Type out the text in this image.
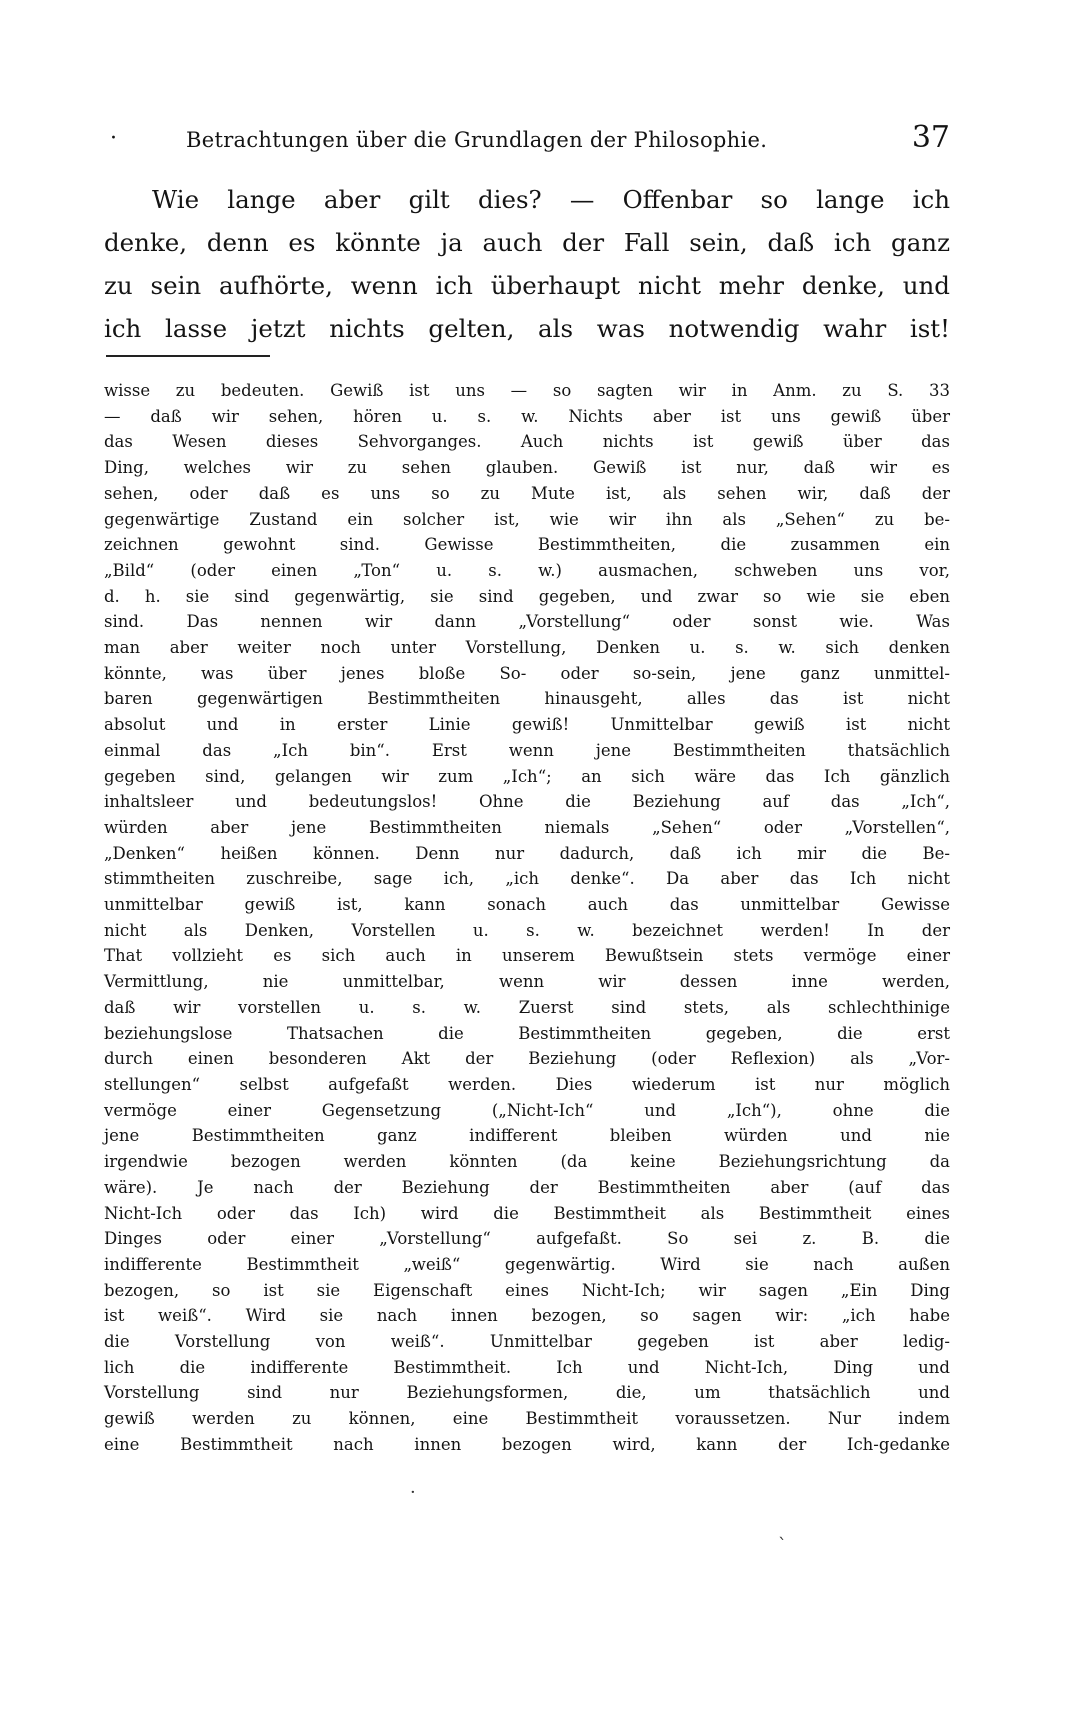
·	Betrachtungen über die Grundlagen der Philosophie.	37
Wie lange aber gilt dies? — Offenbar so lange ich
denke, denn es könnte ja auch der Fall sein, daß ich ganz
zu sein aufhörte, wenn ich überhaupt nicht mehr denke, und
ich lasse jetzt nichts gelten, als was notwendig wahr ist!
wisse zu bedeuten. Gewiß ist uns — so sagten wir in Anm. zu S. 33
— daß wir sehen, hören u. s. w. Nichts aber ist uns gewiß über
das Wesen dieses Sehvorganges. Auch nichts ist gewiß über das
Ding, welches wir zu sehen glauben. Gewiß ist nur, daß wir es
sehen, oder daß es uns so zu Mute ist, als sehen wir, daß der
gegenwärtige Zustand ein solcher ist, wie wir ihn als „Sehen“ zu be-
zeichnen gewohnt sind. Gewisse Bestimmtheiten, die zusammen ein
„Bild“ (oder einen „Ton“ u. s. w.) ausmachen, schweben uns vor,
d. h. sie sind gegenwärtig, sie sind gegeben, und zwar so wie sie eben
sind. Das nennen wir dann „Vorstellung“ oder sonst wie. Was
man aber weiter noch unter Vorstellung, Denken u. s. w. sich denken
könnte, was über jenes bloße So- oder so-sein, jene ganz unmittel-
baren gegenwärtigen Bestimmtheiten hinausgeht, alles das ist nicht
absolut und in erster Linie gewiß! Unmittelbar gewiß ist nicht
einmal das „Ich bin“. Erst wenn jene Bestimmtheiten thatsächlich
gegeben sind, gelangen wir zum „Ich“; an sich wäre das Ich gänzlich
inhaltsleer und bedeutungslos! Ohne die Beziehung auf das „Ich“,
würden aber jene Bestimmtheiten niemals „Sehen“ oder „Vorstellen“,
„Denken“ heißen können. Denn nur dadurch, daß ich mir die Be-
stimmtheiten zuschreibe, sage ich, „ich denke“. Da aber das Ich nicht
unmittelbar gewiß ist, kann sonach auch das unmittelbar Gewisse
nicht als Denken, Vorstellen u. s. w. bezeichnet werden! In der
That vollzieht es sich auch in unserem Bewußtsein stets vermöge einer
Vermittlung, nie unmittelbar, wenn wir dessen inne werden,
daß wir vorstellen u. s. w. Zuerst sind stets, als schlechthinige
beziehungslose Thatsachen die Bestimmtheiten gegeben, die erst
durch einen besonderen Akt der Beziehung (oder Reflexion) als „Vor-
stellungen“ selbst aufgefaßt werden. Dies wiederum ist nur möglich
vermöge einer Gegensetzung („Nicht-Ich“ und „Ich“), ohne die
jene Bestimmtheiten ganz indifferent bleiben würden und nie
irgendwie bezogen werden könnten (da keine Beziehungsrichtung da
wäre). Je nach der Beziehung der Bestimmtheiten aber (auf das
Nicht-Ich oder das Ich) wird die Bestimmtheit als Bestimmtheit eines
Dinges oder einer „Vorstellung“ aufgefaßt. So sei z. B. die
indifferente Bestimmtheit „weiß“ gegenwärtig. Wird sie nach außen
bezogen, so ist sie Eigenschaft eines Nicht-Ich; wir sagen „Ein Ding
ist weiß“. Wird sie nach innen bezogen, so sagen wir: „ich habe
die Vorstellung von weiß“. Unmittelbar gegeben ist aber ledig-
lich die indifferente Bestimmtheit. Ich und Nicht-Ich, Ding und
Vorstellung sind nur Beziehungsformen, die, um thatsächlich und
gewiß werden zu können, eine Bestimmtheit voraussetzen. Nur indem
eine Bestimmtheit nach innen bezogen wird, kann der Ich-gedanke
·
`
